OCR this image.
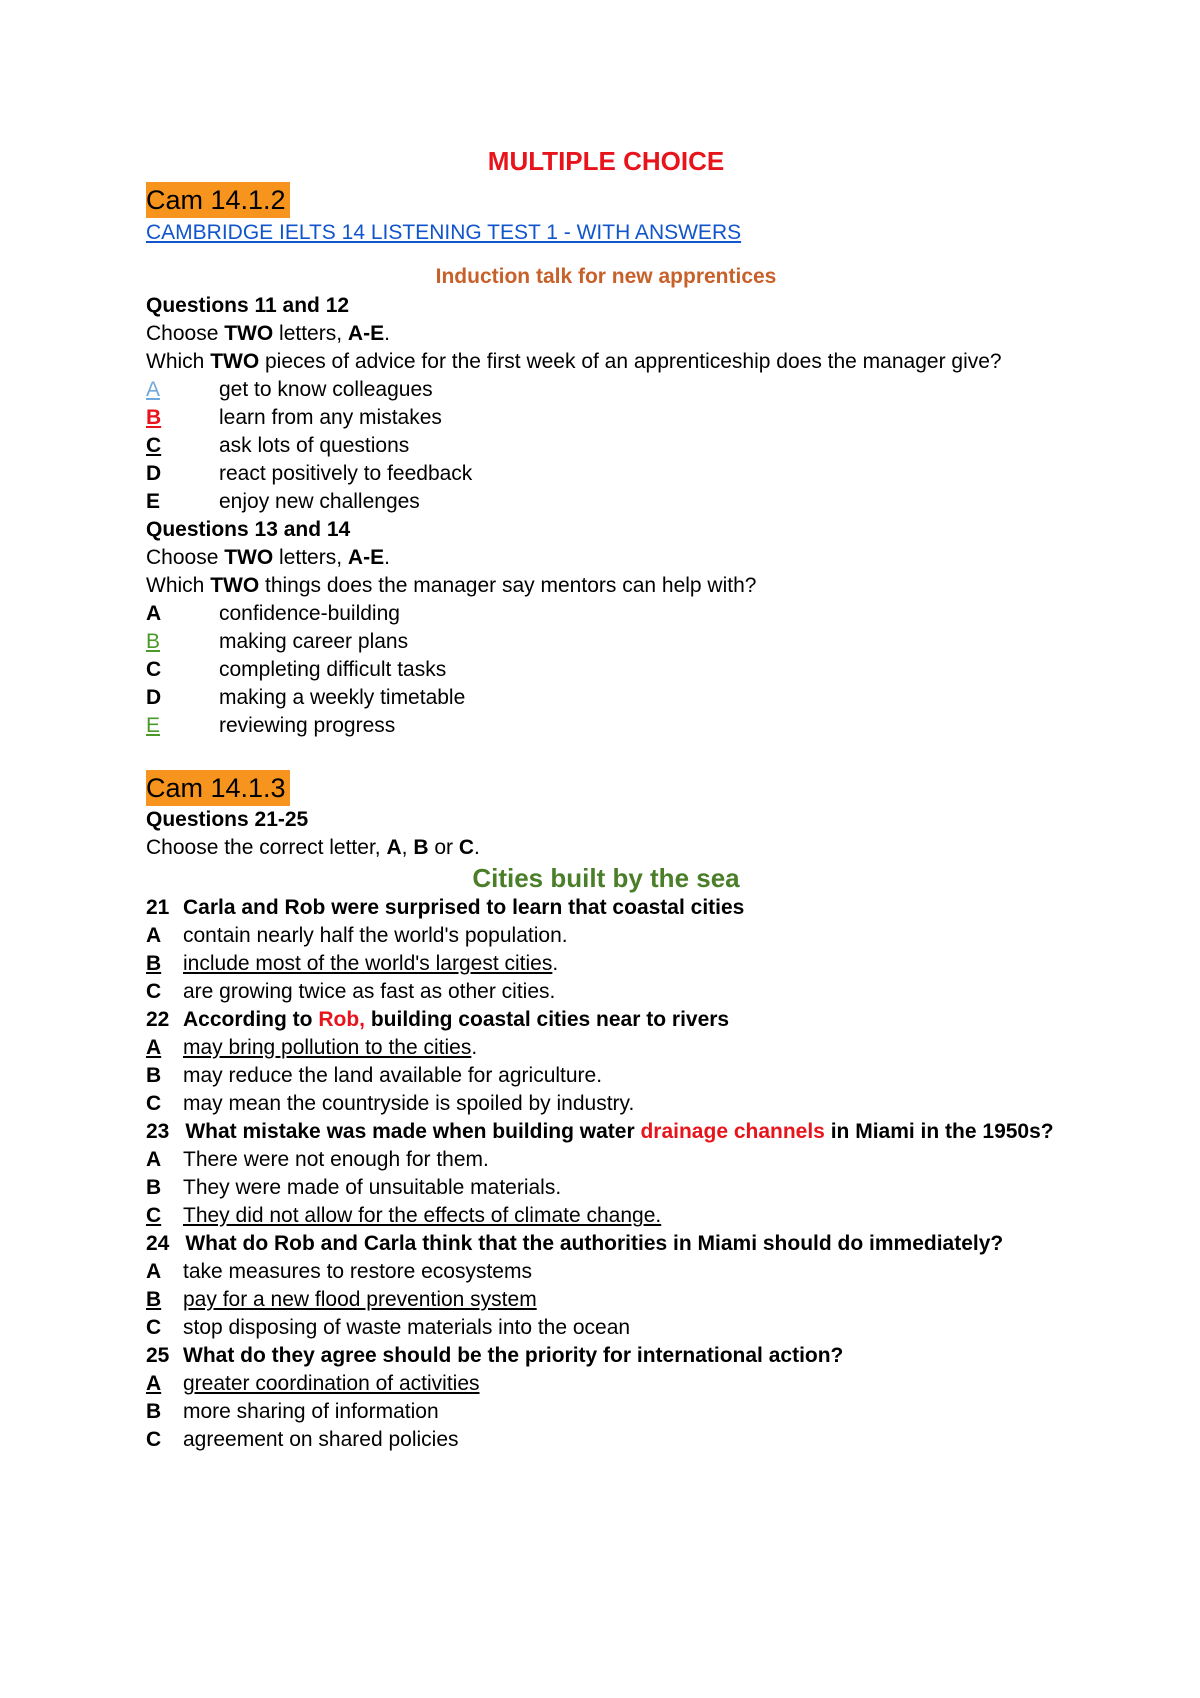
MULTIPLE CHOICE
Cam 14.1.2
CAMBRIDGE IELTS 14 LISTENING TEST 1 - WITH ANSWERS
Induction talk for new apprentices
Questions 11 and 12
Choose TWO letters, A-E.
Which TWO pieces of advice for the first week of an apprenticeship does the manager give?
A	get to know colleagues
B	learn from any mistakes
C	ask lots of questions
D	react positively to feedback
E	enjoy new challenges
Questions 13 and 14
Choose TWO letters, A-E.
Which TWO things does the manager say mentors can help with?
A	confidence-building
B	making career plans
C	completing difficult tasks
D	making a weekly timetable
E	reviewing progress
Cam 14.1.3
Questions 21-25
Choose the correct letter, A, B or C.
Cities built by the sea
21 Carla and Rob were surprised to learn that coastal cities
A	contain nearly half the world's population.
B	include most of the world's largest cities.
C	are growing twice as fast as other cities.
22 According to Rob, building coastal cities near to rivers
A	may bring pollution to the cities.
B	may reduce the land available for agriculture.
C	may mean the countryside is spoiled by industry.
23 What mistake was made when building water drainage channels in Miami in the 1950s?
A	There were not enough for them.
B	They were made of unsuitable materials.
C	They did not allow for the effects of climate change.
24 What do Rob and Carla think that the authorities in Miami should do immediately?
A	take measures to restore ecosystems
B	pay for a new flood prevention system
C	stop disposing of waste materials into the ocean
25 What do they agree should be the priority for international action?
A	greater coordination of activities
B	more sharing of information
C	agreement on shared policies
